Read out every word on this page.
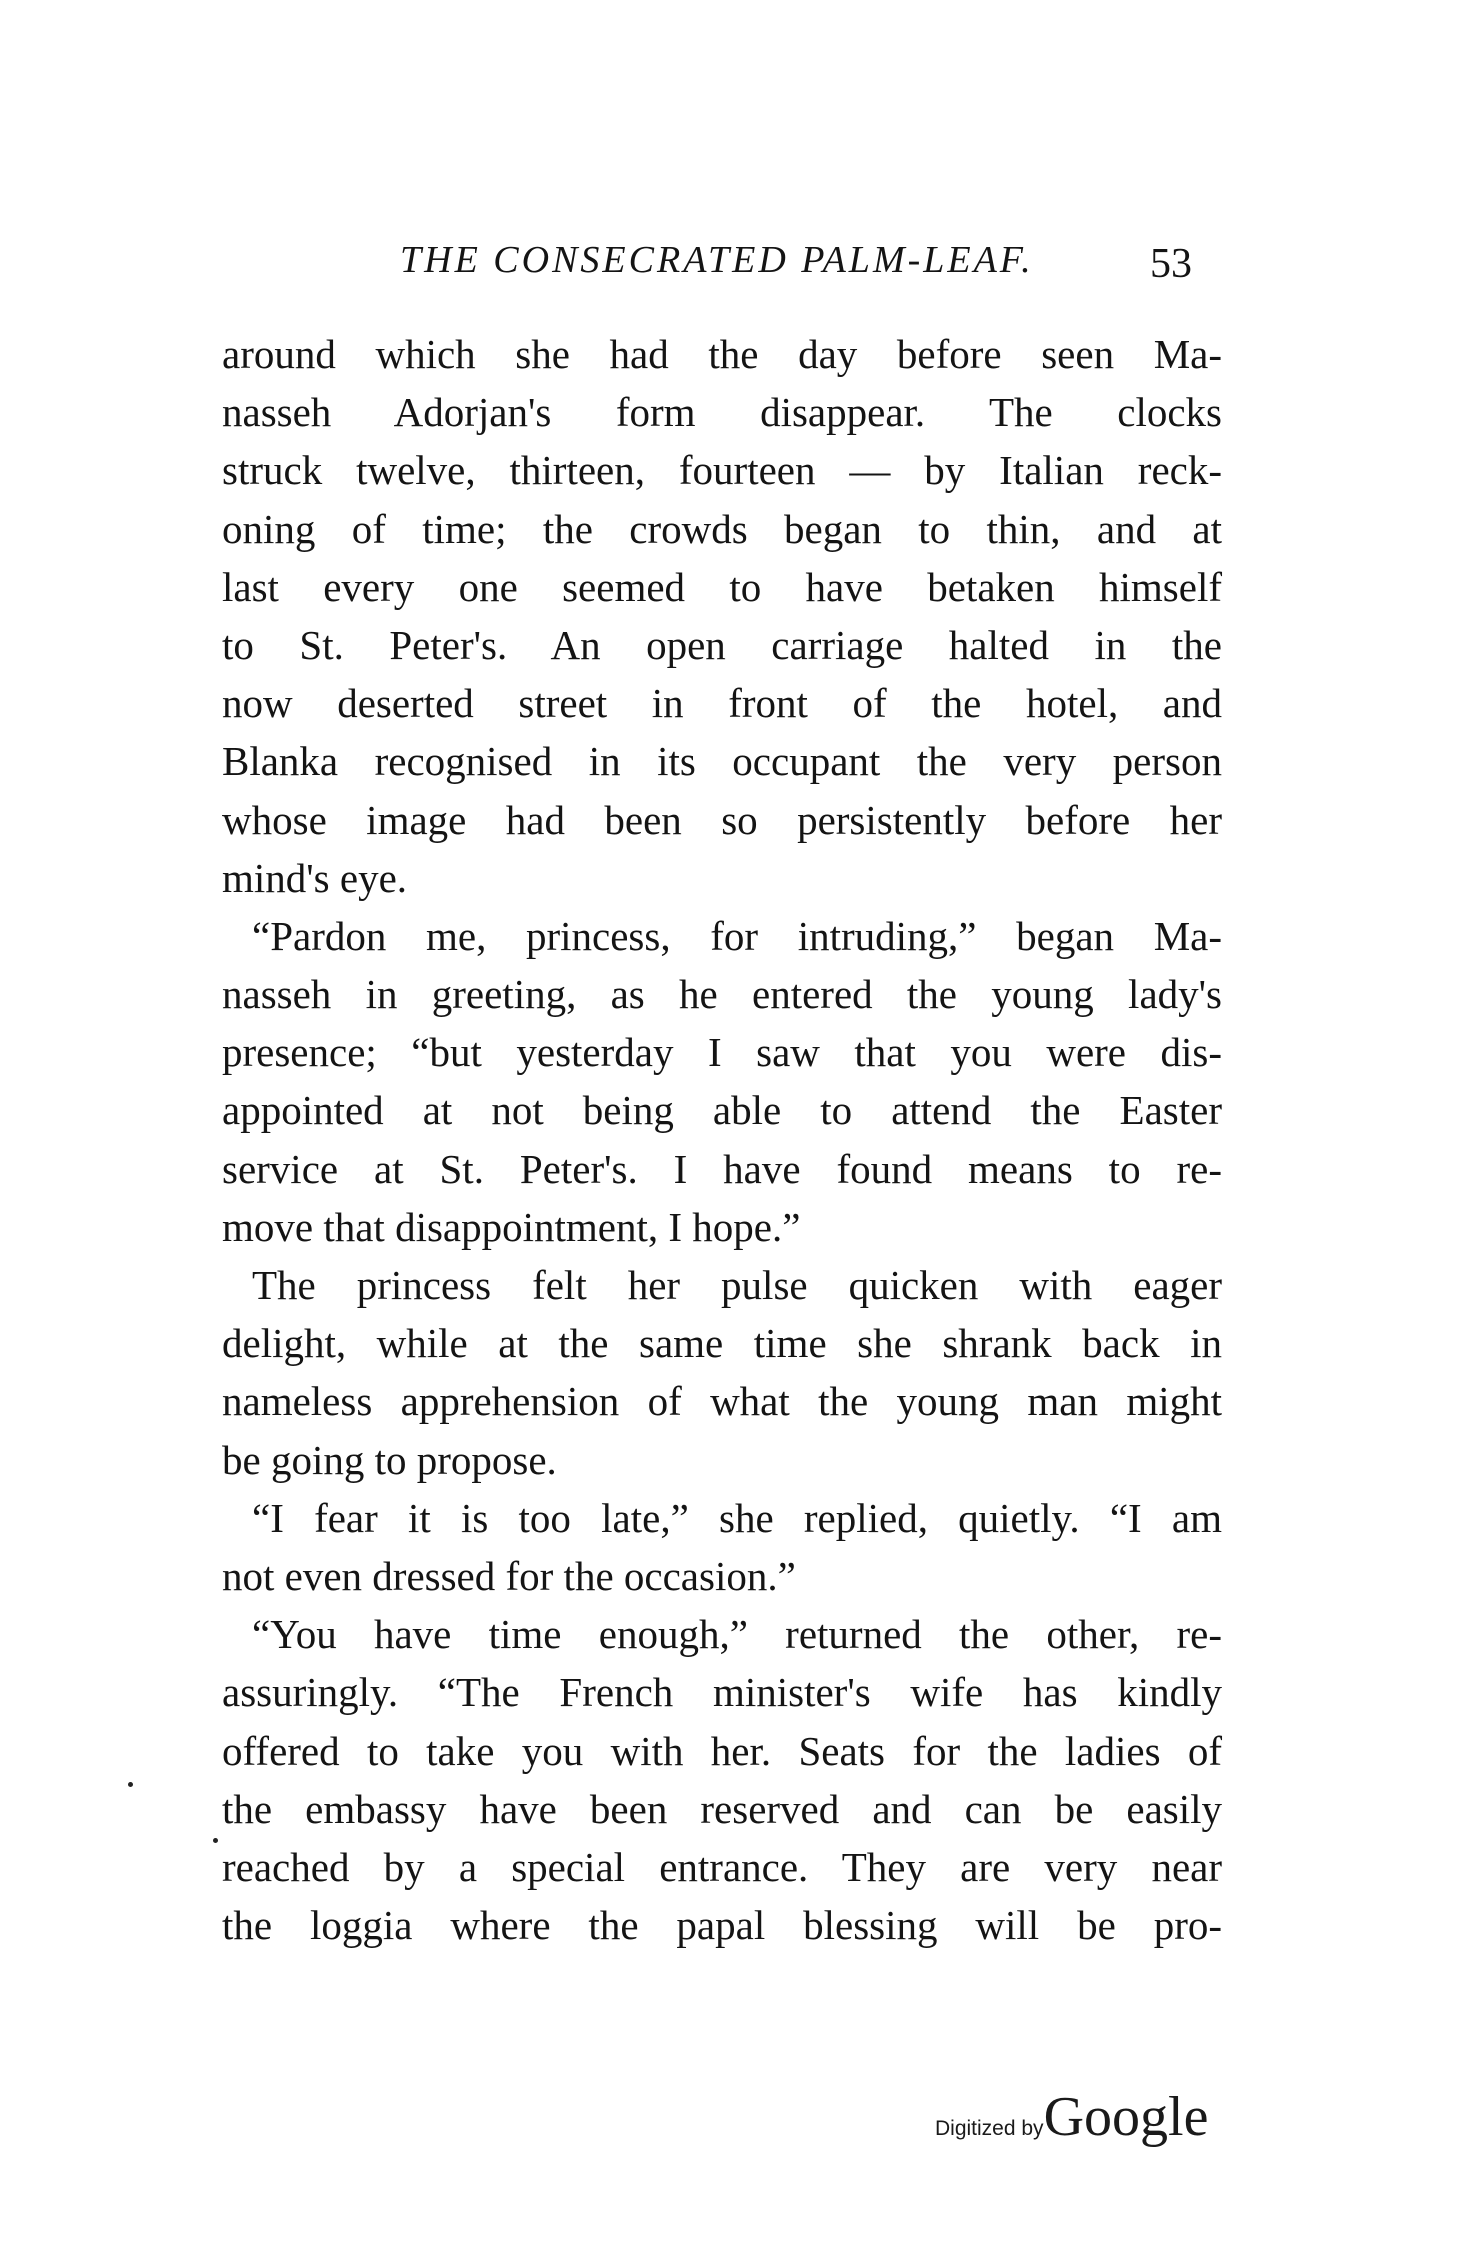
THE CONSECRATED PALM-LEAF.	53
around which she had the day before seen Ma-
nasseh Adorjan's form disappear. The clocks
struck twelve, thirteen, fourteen — by Italian reck-
oning of time; the crowds began to thin, and at
last every one seemed to have betaken himself
to St. Peter's. An open carriage halted in the
now deserted street in front of the hotel, and
Blanka recognised in its occupant the very person
whose image had been so persistently before her
mind's eye.
“Pardon me, princess, for intruding,” began Ma-
nasseh in greeting, as he entered the young lady's
presence; “but yesterday I saw that you were dis-
appointed at not being able to attend the Easter
service at St. Peter's. I have found means to re-
move that disappointment, I hope.”
The princess felt her pulse quicken with eager
delight, while at the same time she shrank back in
nameless apprehension of what the young man might
be going to propose.
“I fear it is too late,” she replied, quietly. “I am
not even dressed for the occasion.”
“You have time enough,” returned the other, re-
assuringly. “The French minister's wife has kindly
offered to take you with her. Seats for the ladies of
the embassy have been reserved and can be easily
reached by a special entrance. They are very near
the loggia where the papal blessing will be pro-
Digitized byGoogle
